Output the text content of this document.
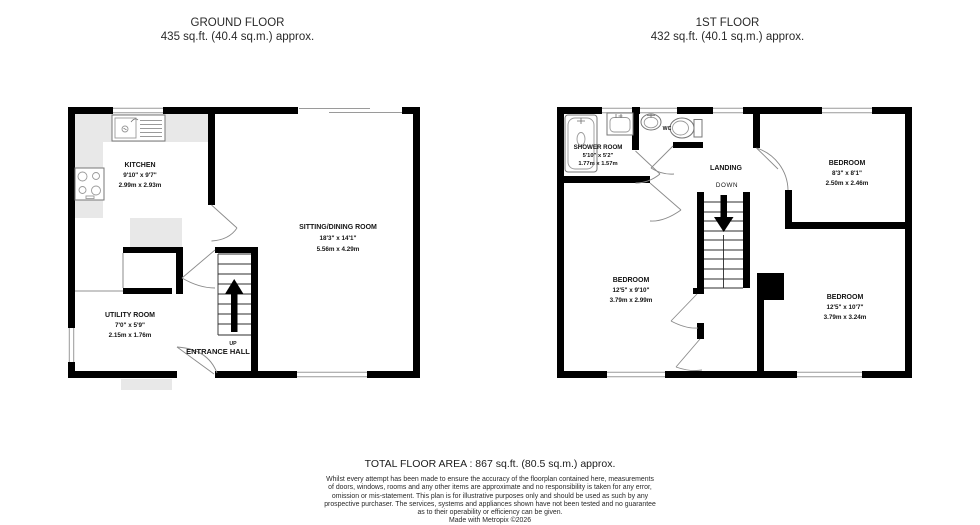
GROUND FLOOR
435 sq.ft. (40.4 sq.m.) approx.
1ST FLOOR
432 sq.ft. (40.1 sq.m.) approx.
KITCHEN
9'10" x 9'7"
2.99m x 2.93m
SITTING/DINING ROOM
18'3" x 14'1"
5.56m x 4.29m
UTILITY ROOM
7'0" x 5'9"
2.15m x 1.76m
UP
ENTRANCE HALL
SHOWER ROOM
5'10" x 5'2"
1.77m x 1.57m
WC
LANDING
DOWN
BEDROOM
8'3" x 8'1"
2.50m x 2.46m
BEDROOM
12'5" x 9'10"
3.79m x 2.99m	BEDROOM
12'5" x 10'7"
3.79m x 3.24m
TOTAL FLOOR AREA : 867 sq.ft. (80.5 sq.m.) approx.
Whilst every attempt has been made to ensure the accuracy of the floorplan contained here, measurements
of doors, windows, rooms and any other items are approximate and no responsibility is taken for any error,
omission or mis-statement. This plan is for illustrative purposes only and should be used as such by any
prospective purchaser. The services, systems and appliances shown have not been tested and no guarantee
as to their operability or efficiency can be given.
Made with Metropix ©2026
